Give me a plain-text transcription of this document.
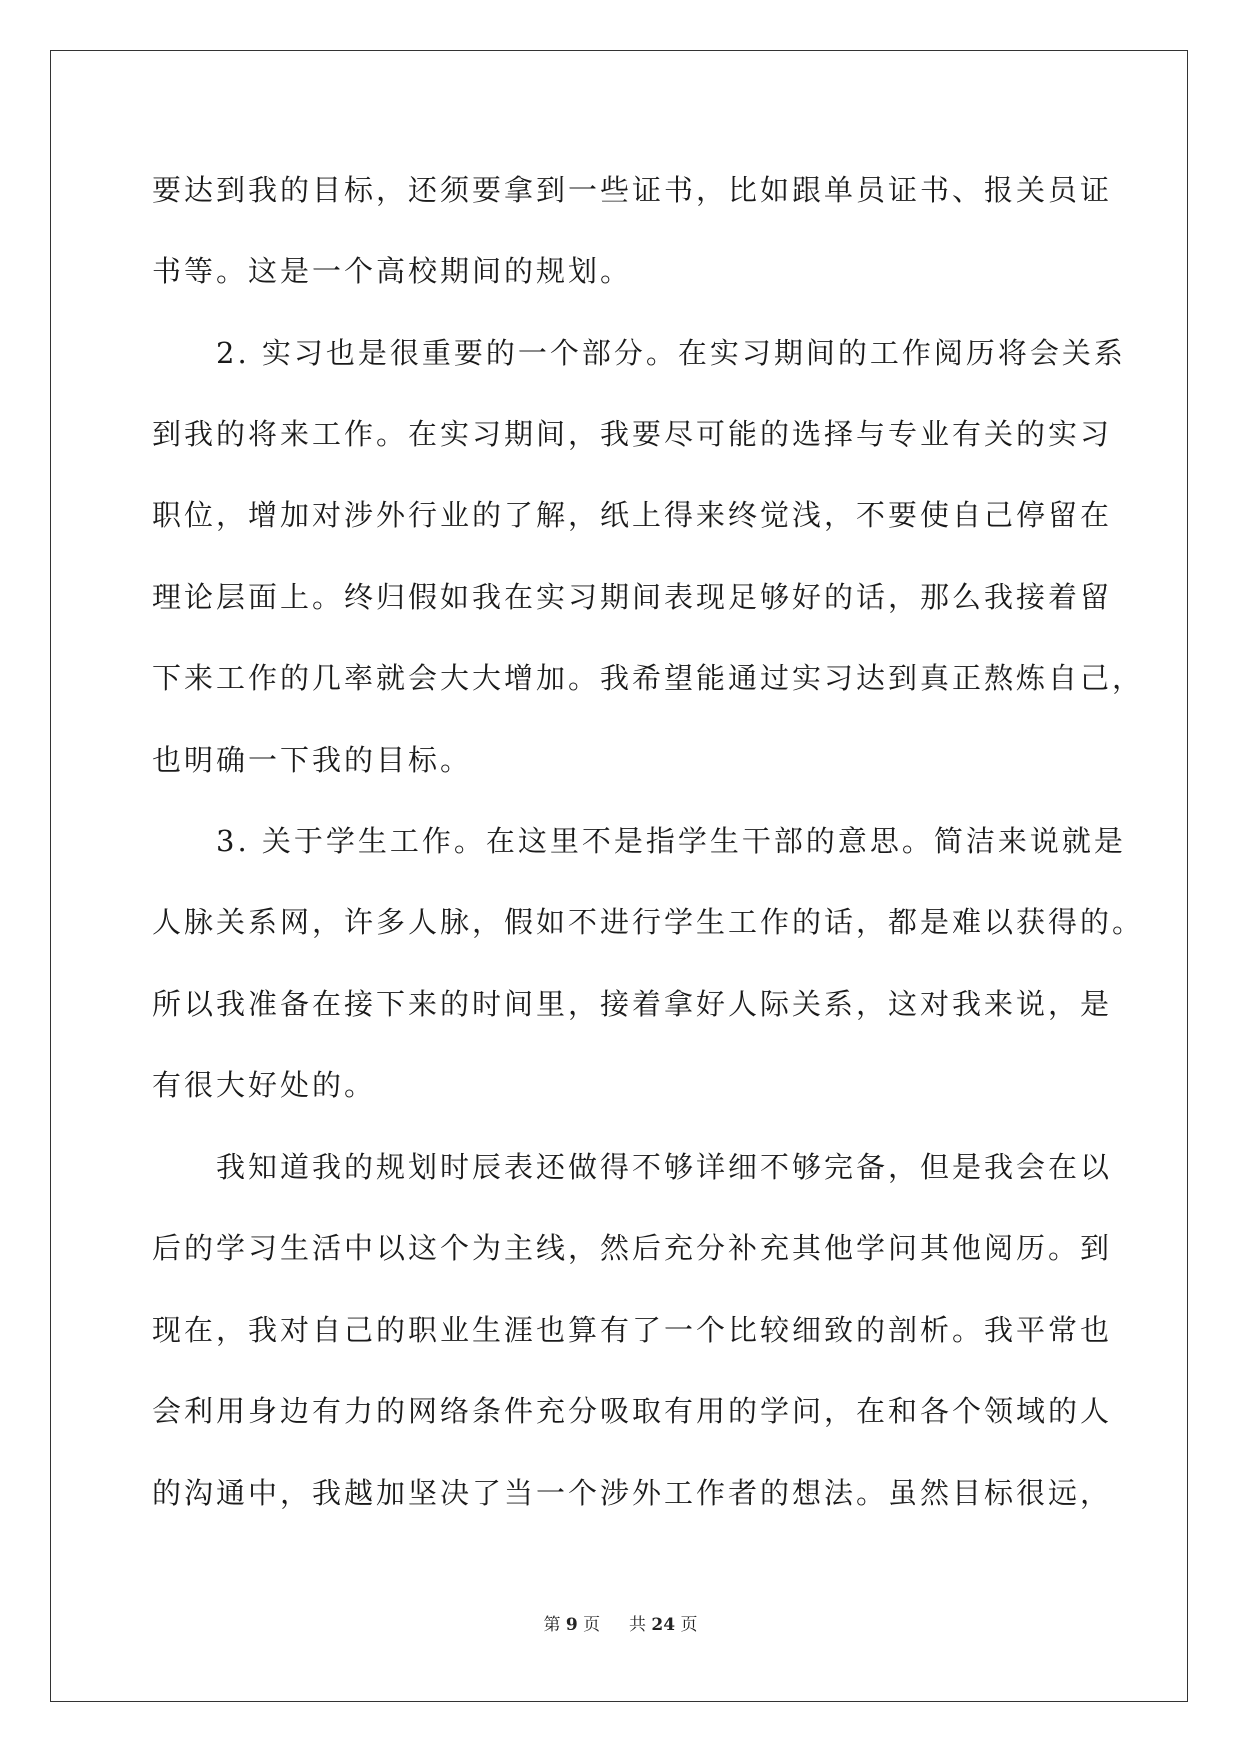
要达到我的目标，还须要拿到一些证书，比如跟单员证书、报关员证
书等。这是一个高校期间的规划。
　　2. 实习也是很重要的一个部分。在实习期间的工作阅历将会关系
到我的将来工作。在实习期间，我要尽可能的选择与专业有关的实习
职位，增加对涉外行业的了解，纸上得来终觉浅，不要使自己停留在
理论层面上。终归假如我在实习期间表现足够好的话，那么我接着留
下来工作的几率就会大大增加。我希望能通过实习达到真正熬炼自己，
也明确一下我的目标。
　　3. 关于学生工作。在这里不是指学生干部的意思。简洁来说就是
人脉关系网，许多人脉，假如不进行学生工作的话，都是难以获得的。
所以我准备在接下来的时间里，接着拿好人际关系，这对我来说，是
有很大好处的。
　　我知道我的规划时辰表还做得不够详细不够完备，但是我会在以
后的学习生活中以这个为主线，然后充分补充其他学问其他阅历。到
现在，我对自己的职业生涯也算有了一个比较细致的剖析。我平常也
会利用身边有力的网络条件充分吸取有用的学问，在和各个领域的人
的沟通中，我越加坚决了当一个涉外工作者的想法。虽然目标很远，
第 9 页 共 24 页
